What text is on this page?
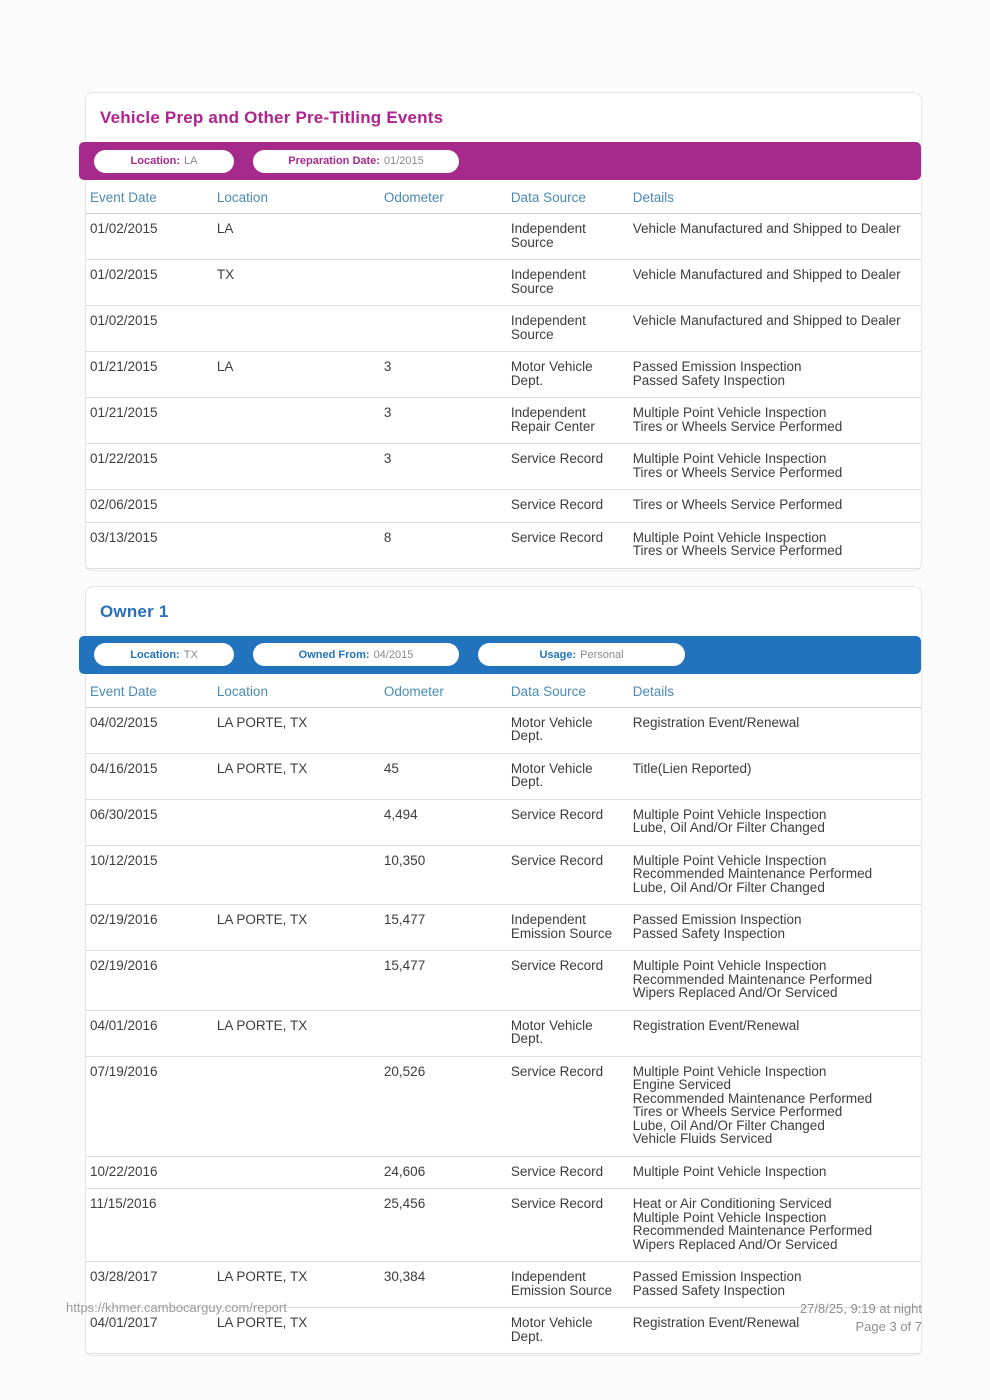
Vehicle Prep and Other Pre-Titling Events
Location: LA	Preparation Date: 01/2015
Event Date	Location	Odometer	Data Source	Details
01/02/2015	LA		Independent Source	Vehicle Manufactured and Shipped to Dealer

01/02/2015	TX		Independent Source	Vehicle Manufactured and Shipped to Dealer

01/02/2015			Independent Source	Vehicle Manufactured and Shipped to Dealer

01/21/2015	LA	3	Motor Vehicle Dept.	Passed Emission Inspection
Passed Safety Inspection

01/21/2015		3	Independent Repair Center	Multiple Point Vehicle Inspection
Tires or Wheels Service Performed

01/22/2015		3	Service Record	Multiple Point Vehicle Inspection
Tires or Wheels Service Performed

02/06/2015			Service Record	Tires or Wheels Service Performed

03/13/2015		8	Service Record	Multiple Point Vehicle Inspection
Tires or Wheels Service Performed
Owner 1
Location: TX	Owned From: 04/2015	Usage: Personal
Event Date	Location	Odometer	Data Source	Details
04/02/2015	LA PORTE, TX		Motor Vehicle Dept.	Registration Event/Renewal

04/16/2015	LA PORTE, TX	45	Motor Vehicle Dept.	Title(Lien Reported)

06/30/2015		4,494	Service Record	Multiple Point Vehicle Inspection
Lube, Oil And/Or Filter Changed

10/12/2015		10,350	Service Record	Multiple Point Vehicle Inspection
Recommended Maintenance Performed
Lube, Oil And/Or Filter Changed

02/19/2016	LA PORTE, TX	15,477	Independent Emission Source	Passed Emission Inspection
Passed Safety Inspection

02/19/2016		15,477	Service Record	Multiple Point Vehicle Inspection
Recommended Maintenance Performed
Wipers Replaced And/Or Serviced

04/01/2016	LA PORTE, TX		Motor Vehicle Dept.	Registration Event/Renewal

07/19/2016		20,526	Service Record	Multiple Point Vehicle Inspection
Engine Serviced
Recommended Maintenance Performed
Tires or Wheels Service Performed
Lube, Oil And/Or Filter Changed
Vehicle Fluids Serviced

10/22/2016		24,606	Service Record	Multiple Point Vehicle Inspection

11/15/2016		25,456	Service Record	Heat or Air Conditioning Serviced
Multiple Point Vehicle Inspection
Recommended Maintenance Performed
Wipers Replaced And/Or Serviced

03/28/2017	LA PORTE, TX	30,384	Independent Emission Source	Passed Emission Inspection
Passed Safety Inspection

04/01/2017	LA PORTE, TX		Motor Vehicle Dept.	Registration Event/Renewal
https://khmer.cambocarguy.com/report	27/8/25, 9:19 at night
Page 3 of 7
